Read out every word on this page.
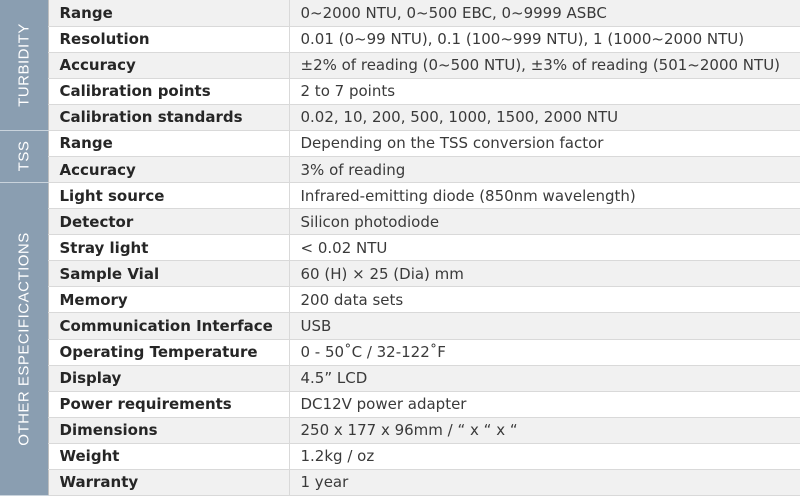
TURBIDITY	Range	0~2000 NTU, 0~500 EBC, 0~9999 ASBC
	Resolution	0.01 (0~99 NTU), 0.1 (100~999 NTU), 1 (1000~2000 NTU)
	Accuracy	±2% of reading (0~500 NTU), ±3% of reading (501~2000 NTU)
	Calibration points	2 to 7 points
	Calibration standards	0.02, 10, 200, 500, 1000, 1500, 2000 NTU

TSS	Range	Depending on the TSS conversion factor
	Accuracy	3% of reading

OTHER ESPECIFICACTIONS	Light source	Infrared-emitting diode (850nm wavelength)
	Detector	Silicon photodiode
	Stray light	< 0.02 NTU
	Sample Vial	60 (H) × 25 (Dia) mm
	Memory	200 data sets
	Communication Interface	USB
	Operating Temperature	0 - 50˚C / 32-122˚F
	Display	4.5” LCD
	Power requirements	DC12V power adapter
	Dimensions	250 x 177 x 96mm / “ x “ x “
	Weight	1.2kg / oz
	Warranty	1 year
